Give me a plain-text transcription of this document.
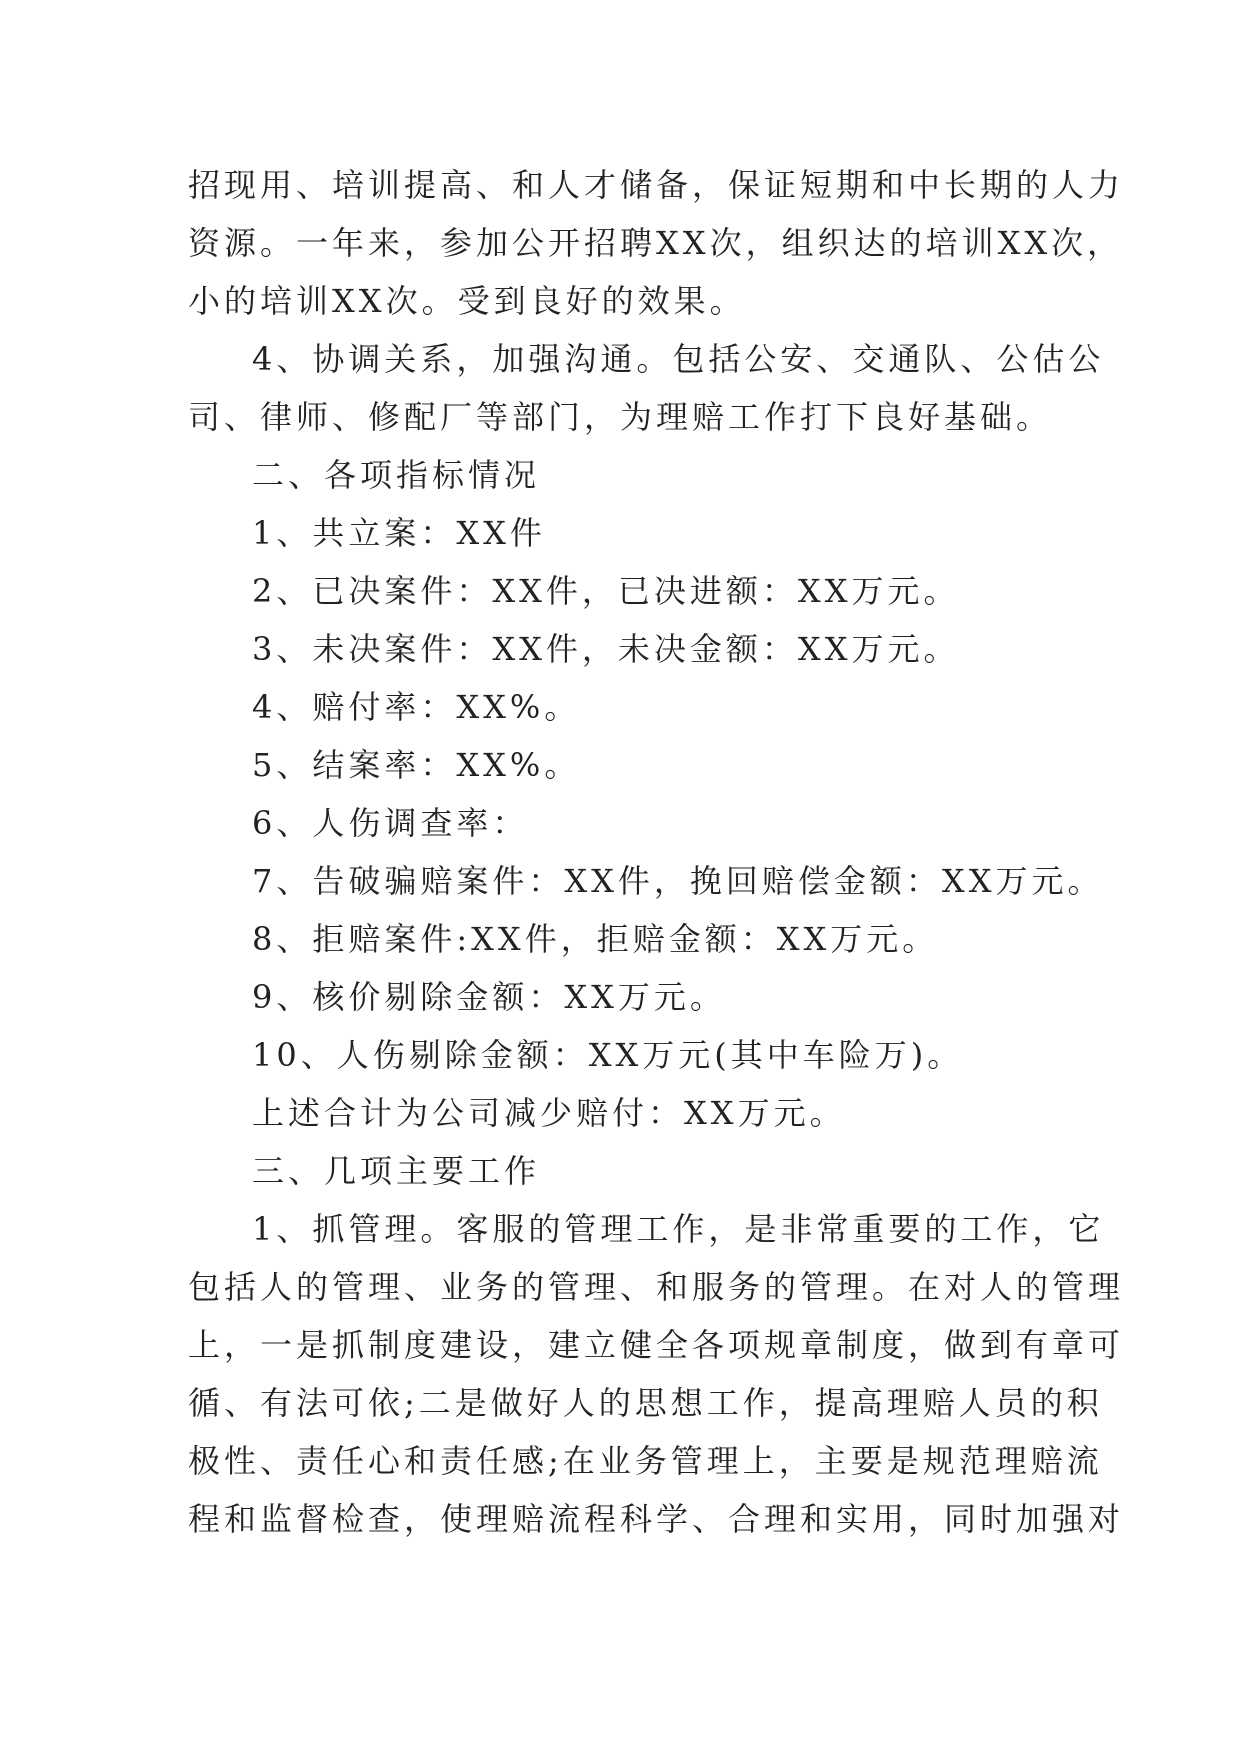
招现用、培训提高、和人才储备，保证短期和中长期的人力
资源。一年来，参加公开招聘XX次，组织达的培训XX次，
小的培训XX次。受到良好的效果。
4、协调关系，加强沟通。包括公安、交通队、公估公
司、律师、修配厂等部门，为理赔工作打下良好基础。
二、各项指标情况
1、共立案：XX件
2、已决案件：XX件，已决进额：XX万元。
3、未决案件：XX件，未决金额：XX万元。
4、赔付率：XX%。
5、结案率：XX%。
6、人伤调查率：
7、告破骗赔案件：XX件，挽回赔偿金额：XX万元。
8、拒赔案件:XX件，拒赔金额：XX万元。
9、核价剔除金额：XX万元。
10、人伤剔除金额：XX万元(其中车险万)。
上述合计为公司减少赔付：XX万元。
三、几项主要工作
1、抓管理。客服的管理工作，是非常重要的工作，它
包括人的管理、业务的管理、和服务的管理。在对人的管理
上，一是抓制度建设，建立健全各项规章制度，做到有章可
循、有法可依;二是做好人的思想工作，提高理赔人员的积
极性、责任心和责任感;在业务管理上，主要是规范理赔流
程和监督检查，使理赔流程科学、合理和实用，同时加强对
